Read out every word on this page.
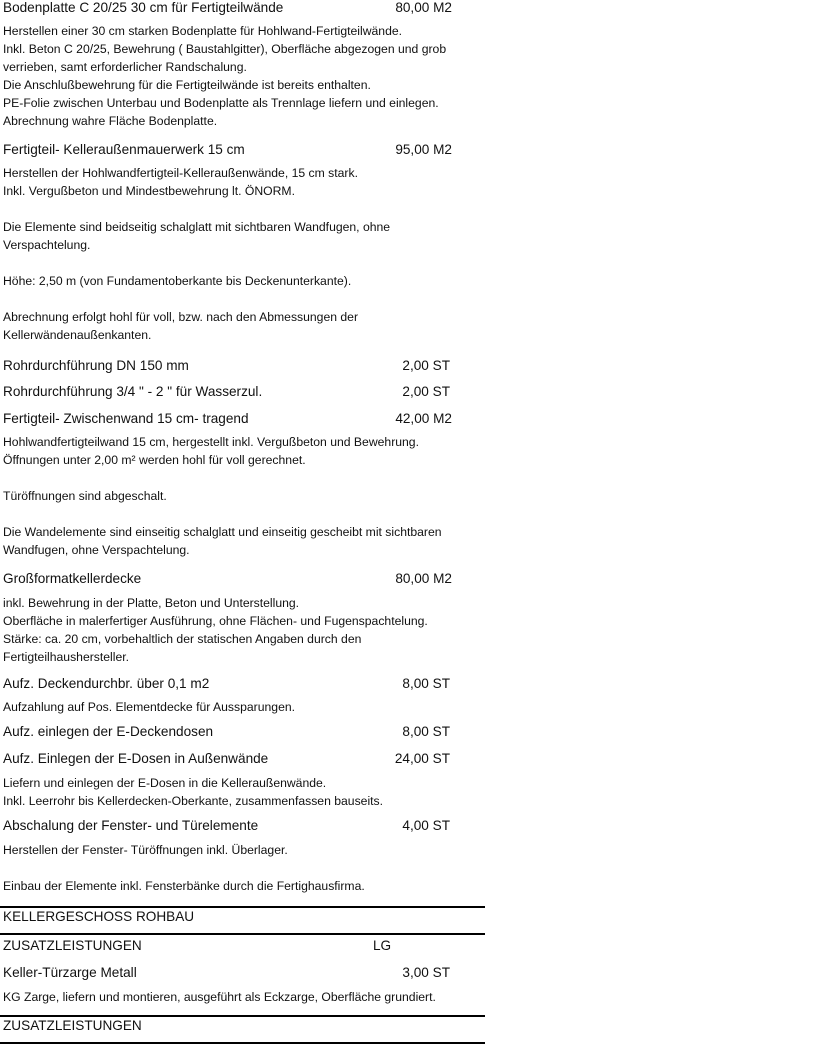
Bodenplatte C 20/25 30 cm für Fertigteilwände	80,00 M2
Herstellen einer 30 cm starken Bodenplatte für Hohlwand-Fertigteilwände.
Inkl. Beton C 20/25, Bewehrung ( Baustahlgitter), Oberfläche abgezogen und grob
verrieben, samt erforderlicher Randschalung.
Die Anschlußbewehrung für die Fertigteilwände ist bereits enthalten.
PE-Folie zwischen Unterbau und Bodenplatte als Trennlage liefern und einlegen.
Abrechnung wahre Fläche Bodenplatte.
Fertigteil- Kelleraußenmauerwerk 15 cm	95,00 M2
Herstellen der Hohlwandfertigteil-Kelleraußenwände, 15 cm stark.
Inkl. Vergußbeton und Mindestbewehrung lt. ÖNORM.
Die Elemente sind beidseitig schalglatt mit sichtbaren Wandfugen, ohne
Verspachtelung.
Höhe: 2,50 m (von Fundamentoberkante bis Deckenunterkante).
Abrechnung erfolgt hohl für voll, bzw. nach den Abmessungen der
Kellerwändenaußenkanten.
Rohrdurchführung DN 150 mm	2,00 ST
Rohrdurchführung 3/4 " - 2 " für Wasserzul.	2,00 ST
Fertigteil- Zwischenwand 15 cm- tragend	42,00 M2
Hohlwandfertigteilwand 15 cm, hergestellt inkl. Vergußbeton und Bewehrung.
Öffnungen unter 2,00 m² werden hohl für voll gerechnet.
Türöffnungen sind abgeschalt.
Die Wandelemente sind einseitig schalglatt und einseitig gescheibt mit sichtbaren
Wandfugen, ohne Verspachtelung.
Großformatkellerdecke	80,00 M2
inkl. Bewehrung in der Platte, Beton und Unterstellung.
Oberfläche in malerfertiger Ausführung, ohne Flächen- und Fugenspachtelung.
Stärke: ca. 20 cm, vorbehaltlich der statischen Angaben durch den
Fertigteilhaushersteller.
Aufz. Deckendurchbr. über 0,1 m2	8,00 ST
Aufzahlung auf Pos. Elementdecke für Aussparungen.
Aufz. einlegen der E-Deckendosen	8,00 ST
Aufz. Einlegen der E-Dosen in Außenwände	24,00 ST
Liefern und einlegen der E-Dosen in die Kelleraußenwände.
Inkl. Leerrohr bis Kellerdecken-Oberkante, zusammenfassen bauseits.
Abschalung der Fenster- und Türelemente	4,00 ST
Herstellen der Fenster- Türöffnungen inkl. Überlager.
Einbau der Elemente inkl. Fensterbänke durch die Fertighausfirma.
KELLERGESCHOSS ROHBAU
ZUSATZLEISTUNGEN	LG
Keller-Türzarge Metall	3,00 ST
KG Zarge, liefern und montieren, ausgeführt als Eckzarge, Oberfläche grundiert.
ZUSATZLEISTUNGEN
